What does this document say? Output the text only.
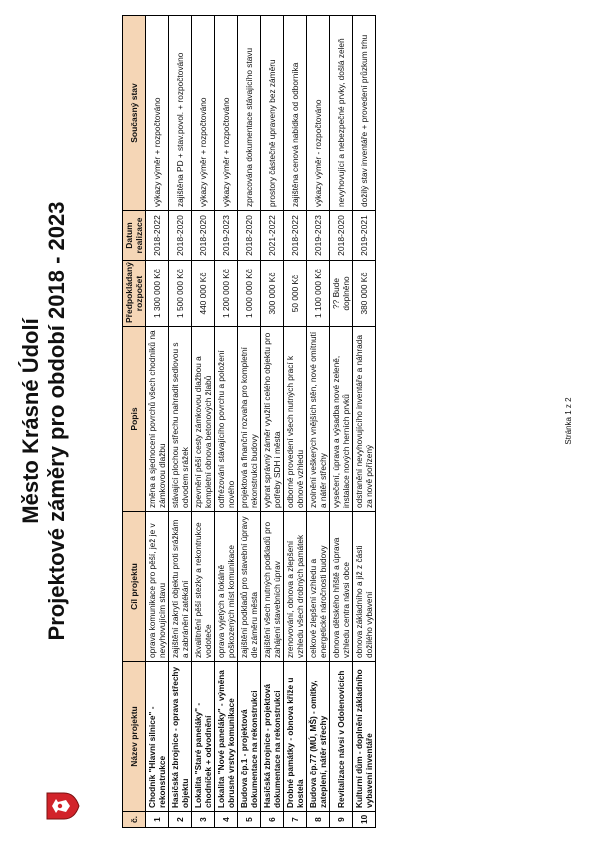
Město Krásné Údolí Projektové záměry pro období 2018 - 2023
č.	Název projektu	Cíl projektu	Popis	Předpokládaný rozpočet	Datum realizace	Současný stav
1	Chodník "Hlavní silnice" - rekonstrukce	oprava komunikace pro pěší, jež je v nevyhovujícím stavu	změna a sjednocení povrchů všech chodníků na zámkovou dlažbu	1 300 000 Kč	2018-2022	výkazy výměr + rozpočtováno
2	Hasičská zbrojnice - oprava střechy objektu	zajištění zakrytí objektu proti srážkám a zabránění zatékání	stávající plochou střechu nahradit sedlovou s odvodem srážek	1 500 000 Kč	2018-2020	zajištěna PD + stav.povol. + rozpočtováno
3	Lokalita "Staré paneláky" - chodníček + odvodnění	zkvalitnění pěší stezky a rekontrukce vodoteče	zpevnění pěší cesty zámkovou dlažbou a kompletní obnova betonových žlabů	440 000 Kč	2018-2020	výkazy výměr + rozpočtováno
4	Lokalita "Nové paneláky" - výměna obrusné vrstvy komunikace	oprava vyjetých a lokálně poškozených míst komunikace	odfrézování stávajícího povrchu a položení nového	1 200 000 Kč	2019-2023	výkazy výměr + rozpočtováno
5	Budova čp.1 - projektová dokumentace na rekonstrukci	zajištění podkladů pro stavební úpravy dle záměru města	projektová a finanční rozvaha pro kompletní rekonstrukci budovy	1 000 000 Kč	2018-2020	zpracována dokumentace stávajícího stavu
6	Hasičská zbrojnice - projektová dokumentace na rekonstrukci	zajištění všech nutných podkladů pro zahájení stavebních úprav	vybrat správný záměr využití celého objektu pro potřeby SDH i města	300 000 Kč	2021-2022	prostory částečně upraveny bez záměru
7	Drobné památky - obnova kříže u kostela	zrenovování, obnova a zlepšení vzhledu všech drobných památek	odborné provedení všech nutných prací k obnově vzhledu	50 000 Kč	2018-2022	zajištěna cenová nabídka od odborníka
8	Budova čp.77 (MÚ, MŠ) - omítky, zateplení, nátěr střechy	celkové zlepšení vzhledu a energetické náročnosti budovy	zvolnění veškerých vnějších stěn, nové omítnutí a nátěr střechy	1 100 000 Kč	2019-2023	výkazy výměr - rozpočtováno
9	Revitalizace návsi v Odolenovicích	obnova dětského hřiště a úprava vzhledu centra návsi obce	vysečení, úprava a výsadba nové zeleně, instalace nových herních prvků	?? Bude doplněno	2018-2020	nevyhovující a nebezpečné prvky, došlá zeleň
10	Kulturní dům - doplnění základního vybavení inventáře	obnova základního a již z části dožilého vybavení	odstranění nevyhovujícího inventáře a náhrada za nově pořízený	380 000 Kč	2019-2021	dožilý stav inventáře + provedení průzkum trhu
Stránka 1 z 2
